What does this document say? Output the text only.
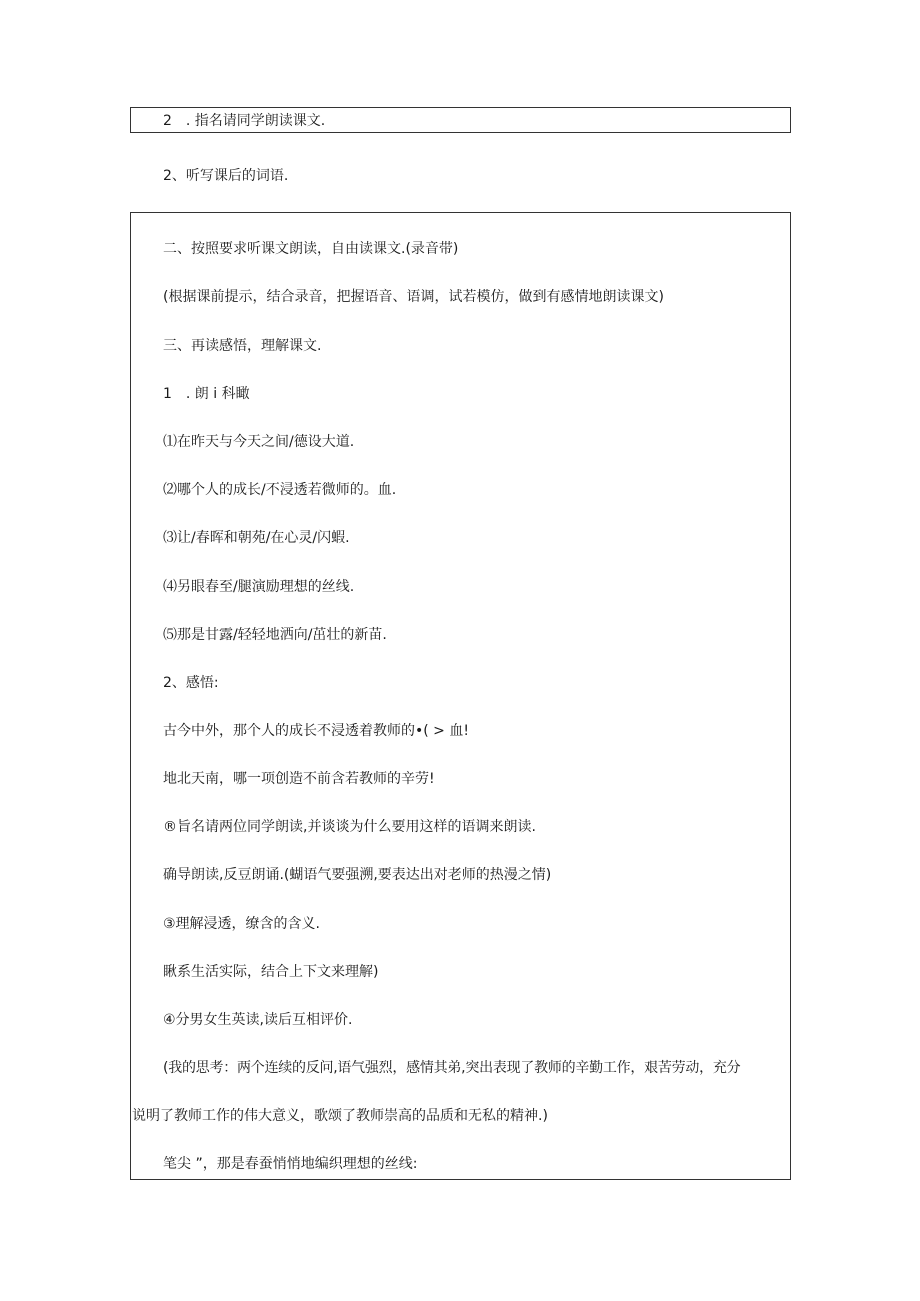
2　. 指名请同学朗读课文.
2、听写课后的词语.
二、按照要求听课文朗读，自由读课文.(录音带)
(根据课前提示，结合录音，把握语音、语调，试若模仿，做到有感情地朗读课文)
三、再读感悟，理解课文.
1　. 朗 i 科瞰
⑴在昨天与今天之间/德设大道.
⑵哪个人的成长/不浸透若微师的。血.
⑶让/春晖和朝苑/在心灵/闪蝦.
⑷另眼春至/腿演励理想的丝线.
⑸那是甘露/轻轻地洒向/茁壮的新苗.
2、感悟:
古今中外，那个人的成长不浸透着教师的•( > 血!
地北天南，哪一项创造不前含若教师的辛劳!
®旨名请两位同学朗读,并谈谈为什么要用这样的语调来朗读.
确导朗读,反豆朗诵.(蝴语气要强溯,要表达出对老师的热漫之情)
③理解浸透，缭含的含义.
瞅系生活实际，结合上下文来理解)
④分男女生英读,读后互相评价.
(我的思考：两个连续的反问,语气强烈，感情其弟,突出表现了教师的辛勤工作，艰苦劳动，充分
说明了教师工作的伟大意义，歌颂了教师崇高的品质和无私的精神.)
笔尖 ”，那是春蚕悄悄地编织理想的丝线:
